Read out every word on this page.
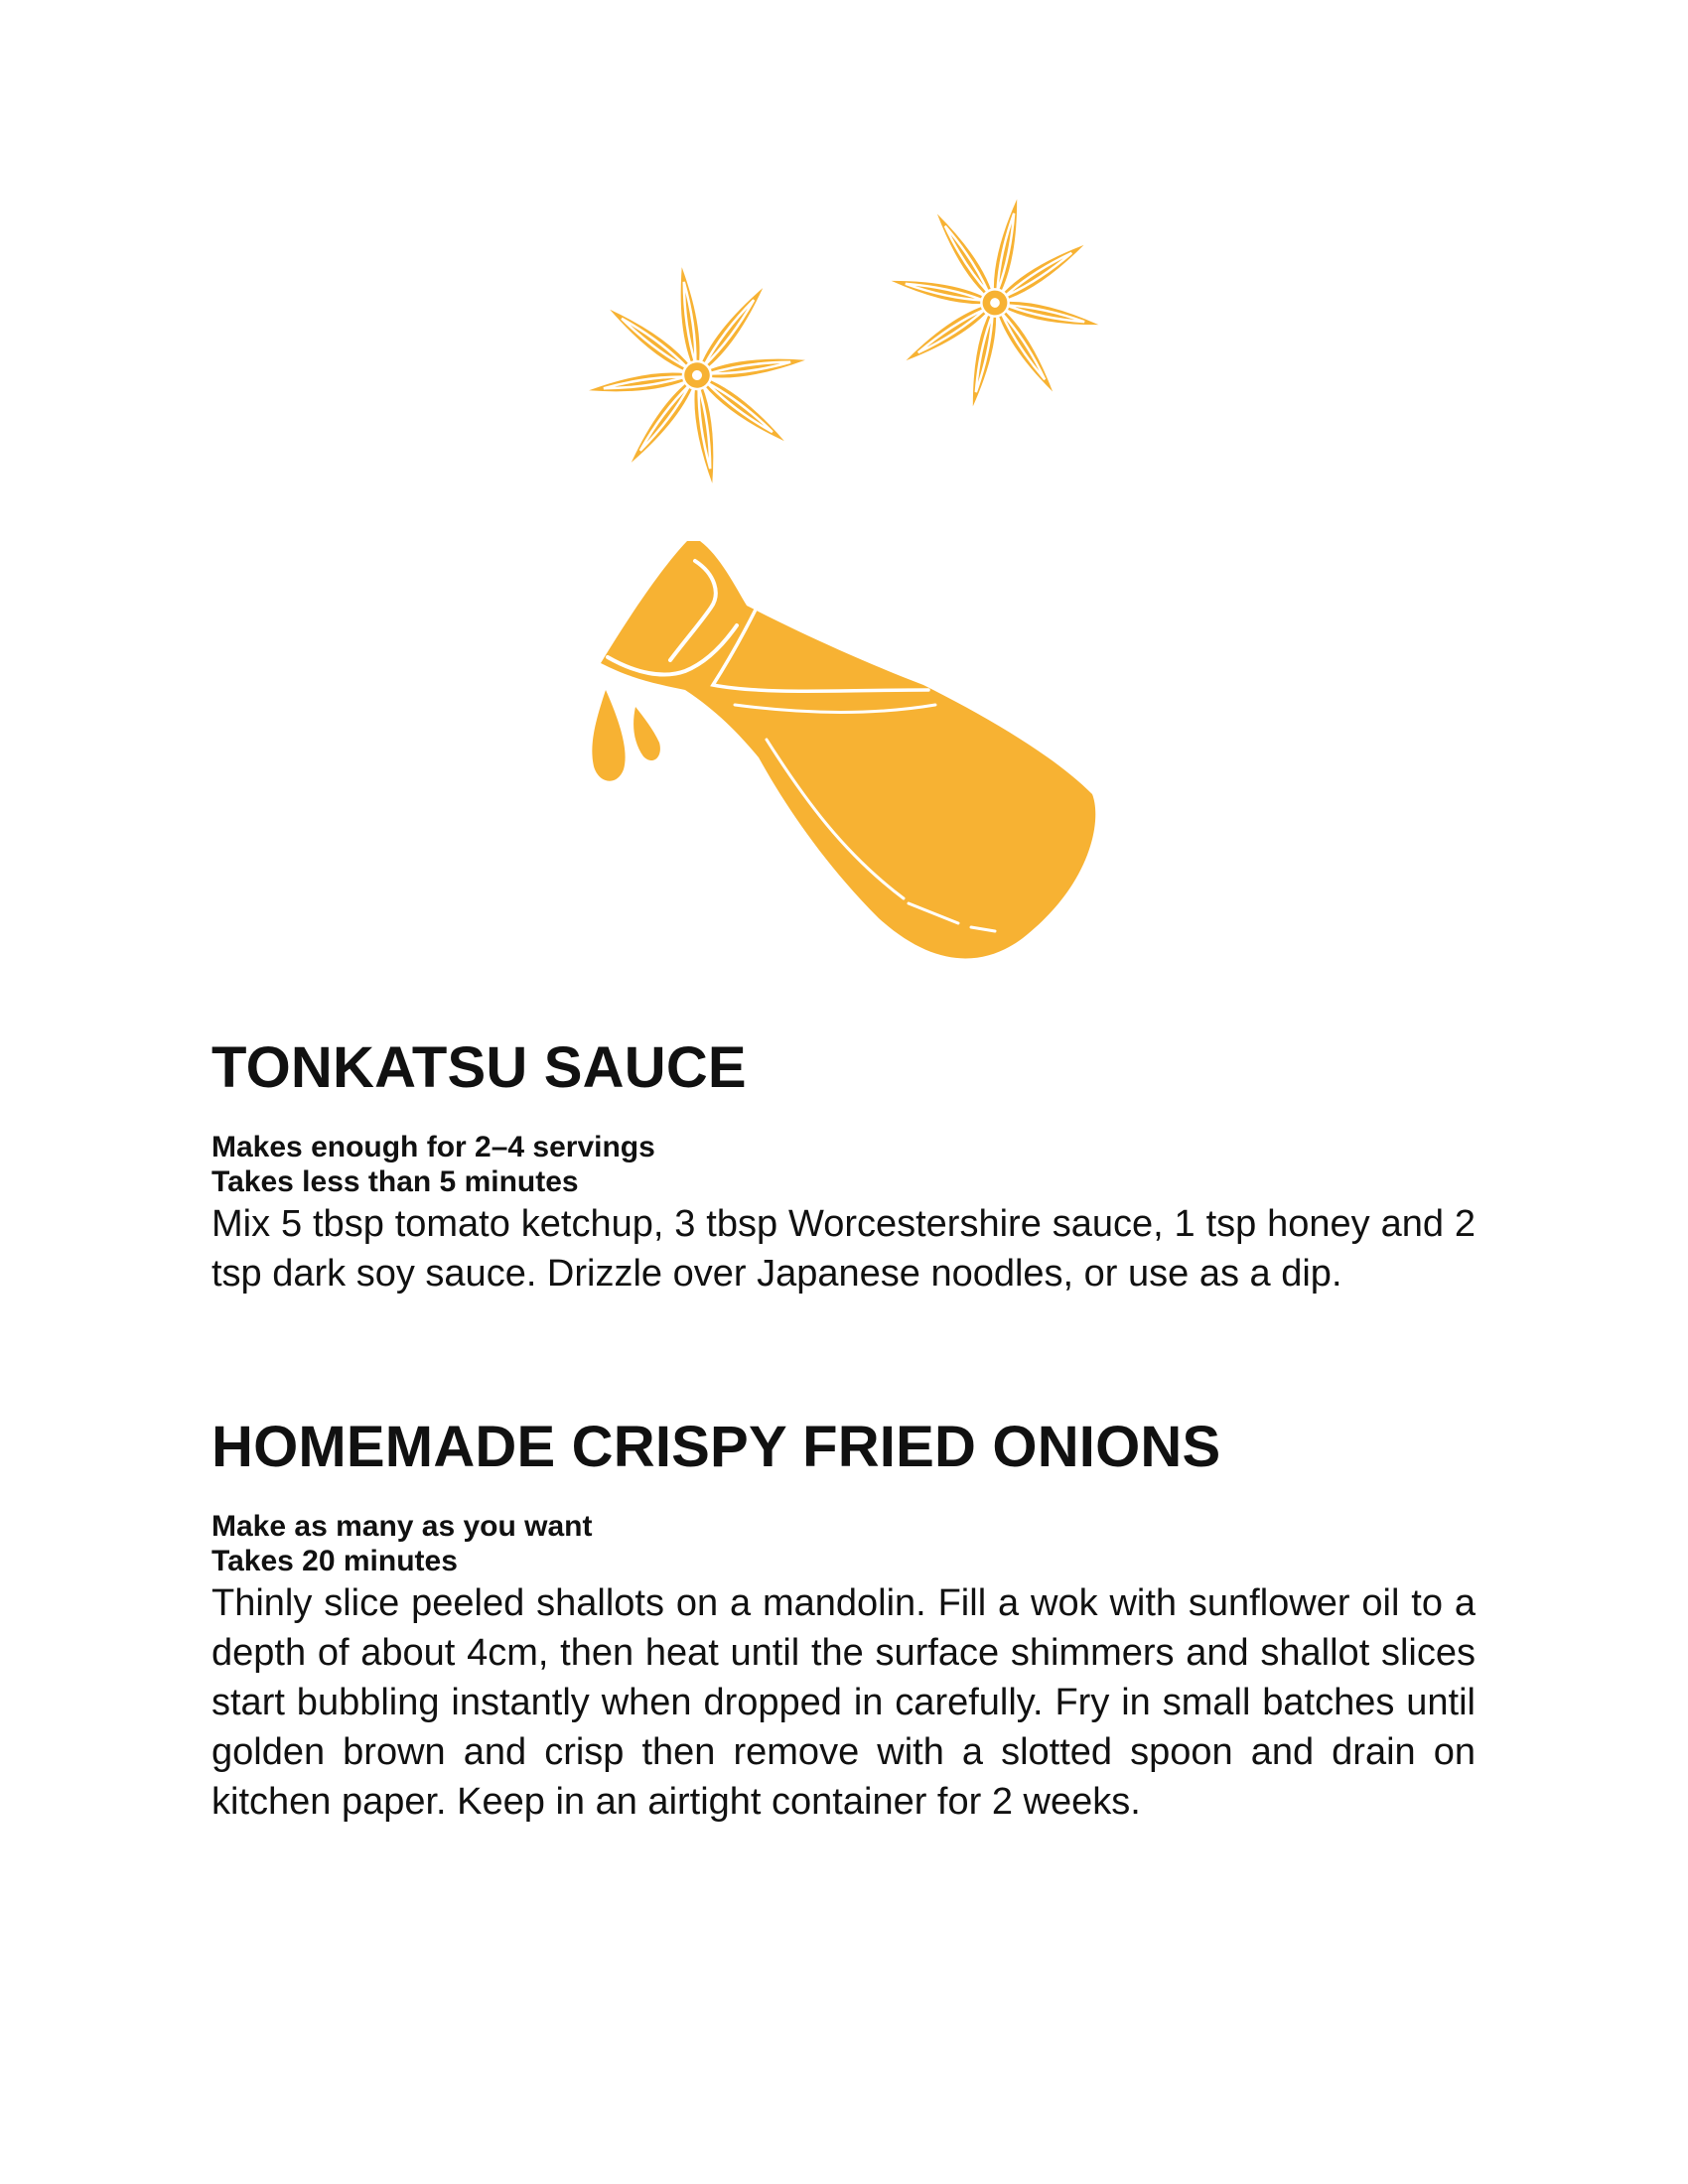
TONKATSU SAUCE
Makes enough for 2–4 servings
Takes less than 5 minutes

Mix 5 tbsp tomato ketchup, 3 tbsp Worcestershire sauce, 1 tsp honey and 2 tsp dark soy sauce. Drizzle over Japanese noodles, or use as a dip.

HOMEMADE CRISPY FRIED ONIONS
Make as many as you want
Takes 20 minutes

Thinly slice peeled shallots on a mandolin. Fill a wok with sunflower oil to a depth of about 4cm, then heat until the surface shimmers and shallot slices start bubbling instantly when dropped in carefully. Fry in small batches until golden brown and crisp then remove with a slotted spoon and drain on kitchen paper. Keep in an airtight container for 2 weeks.
